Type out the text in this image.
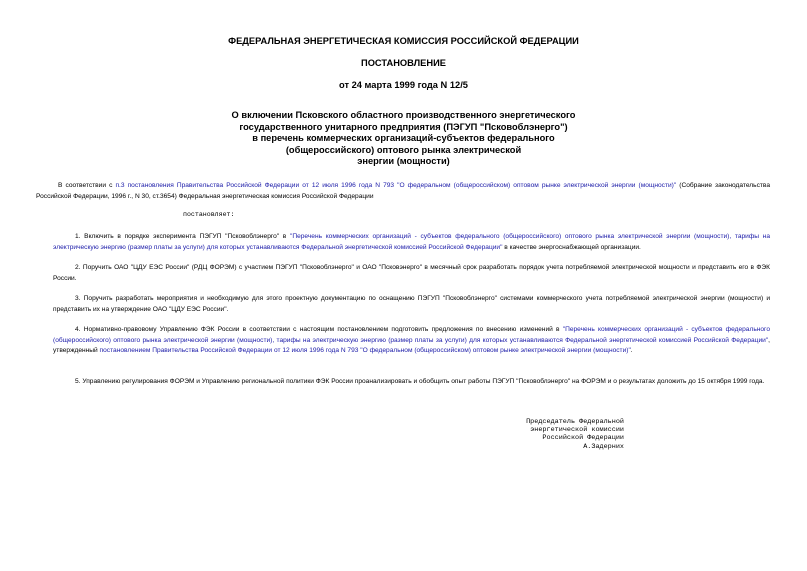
ФЕДЕРАЛЬНАЯ ЭНЕРГЕТИЧЕСКАЯ КОМИССИЯ РОССИЙСКОЙ ФЕДЕРАЦИИ
ПОСТАНОВЛЕНИЕ
от 24 марта 1999 года N 12/5
О включении Псковского областного производственного энергетического
государственного унитарного предприятия (ПЭГУП "Псковоблэнерго")
в перечень коммерческих организаций-субъектов федерального
(общероссийского) оптового рынка электрической
энергии (мощности)
В соответствии с п.3 постановления Правительства Российской Федерации от 12 июля 1996 года N 793 "О федеральном (общероссийском) оптовом рынке электрической энергии (мощности)" (Собрание законодательства Российской Федерации, 1996 г., N 30, ст.3654) Федеральная энергетическая комиссия Российской Федерации
постановляет:
1. Включить в порядке эксперимента ПЭГУП "Псковоблэнерго" в "Перечень коммерческих организаций - субъектов федерального (общероссийского) оптового рынка электрической энергии (мощности), тарифы на электрическую энергию (размер платы за услуги) для которых устанавливаются Федеральной энергетической комиссией Российской Федерации" в качестве энергоснабжающей организации.
2. Поручить ОАО "ЦДУ ЕЭС России" (РДЦ ФОРЭМ) с участием ПЭГУП "Псковоблэнерго" и ОАО "Псковэнерго" в месячный срок разработать порядок учета потребляемой электрической мощности и представить его в ФЭК России.
3. Поручить разработать мероприятия и необходимую для этого проектную документацию по оснащению ПЭГУП "Псковоблэнерго" системами коммерческого учета потребляемой электрической энергии (мощности) и представить их на утверждение ОАО "ЦДУ ЕЭС России".
4. Нормативно-правовому Управлению ФЭК России в соответствии с настоящим постановлением подготовить предложения по внесению изменений в "Перечень коммерческих организаций - субъектов федерального (общероссийского) оптового рынка электрической энергии (мощности), тарифы на электрическую энергию (размер платы за услуги) для которых устанавливаются Федеральной энергетической комиссией Российской Федерации", утвержденный постановлением Правительства Российской Федерации от 12 июля 1996 года N 793 "О федеральном (общероссийском) оптовом рынке электрической энергии (мощности)".
5. Управлению регулирования ФОРЭМ и Управлению региональной политики ФЭК России проанализировать и обобщить опыт работы ПЭГУП "Псковоблэнерго" на ФОРЭМ и о результатах доложить до 15 октября 1999 года.
Председатель Федеральной
энергетической комиссии
Российской Федерации
А.Задерних
